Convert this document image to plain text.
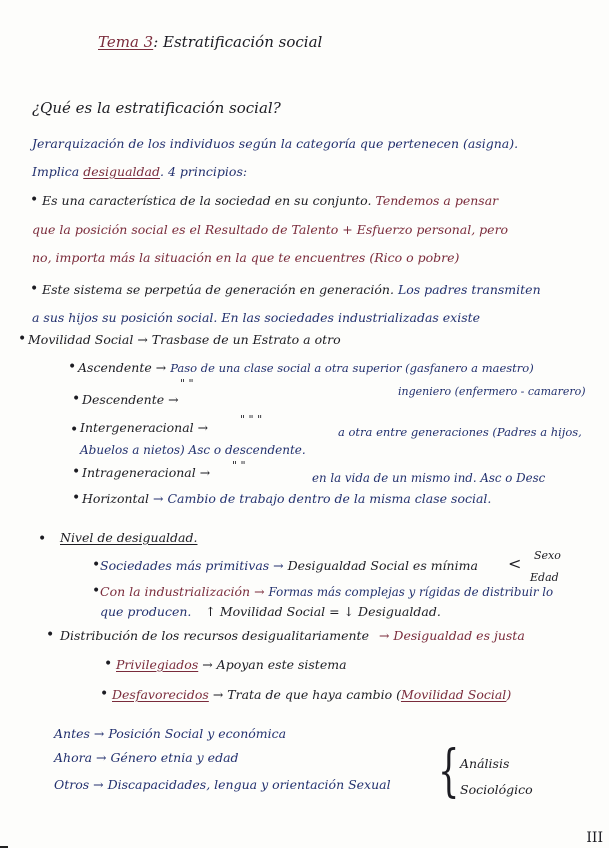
Tema 3: Estratificación social
¿Qué es la estratificación social?
Jerarquización de los individuos según la categoría que pertenecen (asigna).
Implica desigualdad. 4 principios:
• Es una característica de la sociedad en su conjunto. Tendemos a pensar
que la posición social es el Resultado de Talento + Esfuerzo personal, pero
no, importa más la situación en la que te encuentres (Rico o pobre)
• Este sistema se perpetúa de generación en generación. Los padres transmiten
a sus hijos su posición social. En las sociedades industrializadas existe
• Movilidad Social → Trasbase de un Estrato a otro
• Ascendente → Paso de una clase social a otra superior (gasfanero a maestro)
" "
• Descendente →
ingeniero (enfermero - camarero)
• Intergeneracional →
" " "
a otra entre generaciones (Padres a hijos,
Abuelos a nietos) Asc o descendente.
• Intrageneracional → " "
en la vida de un mismo ind. Asc o Desc
• Horizontal → Cambio de trabajo dentro de la misma clase social.
• Nivel de desigualdad.
• Sociedades más primitivas → Desigualdad Social es mínima
Sexo
<
Edad
• Con la industrialización → Formas más complejas y rígidas de distribuir lo
que producen. ↑ Movilidad Social = ↓ Desigualdad.
• Distribución de los recursos desigualitariamente → Desigualdad es justa
• Privilegiados → Apoyan este sistema
• Desfavorecidos → Trata de que haya cambio (Movilidad Social)
Antes → Posición Social y económica
Ahora → Género etnia y edad
Otros → Discapacidades, lengua y orientación Sexual { Análisis
Sociológico
III
